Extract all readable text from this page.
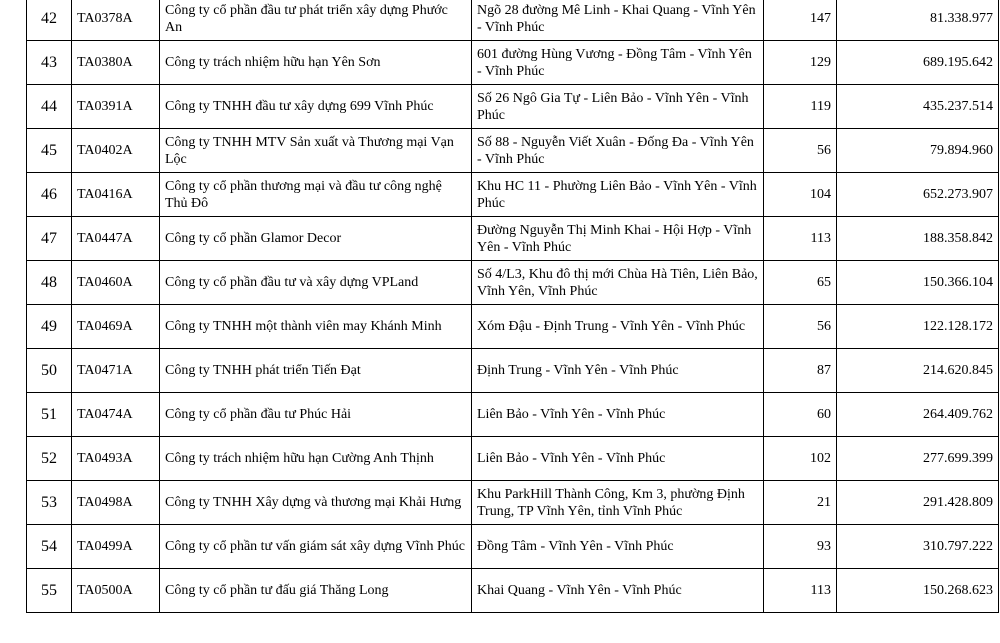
42	TA0378A	Công ty cổ phần đầu tư phát triển xây dựng Phước An	Ngõ 28 đường Mê Linh - Khai Quang - Vĩnh Yên - Vĩnh Phúc	147	81.338.977
43	TA0380A	Công ty trách nhiệm hữu hạn Yên Sơn	601 đường Hùng Vương - Đồng Tâm - Vĩnh Yên - Vĩnh Phúc	129	689.195.642
44	TA0391A	Công ty TNHH đầu tư xây dựng 699 Vĩnh Phúc	Số 26 Ngô Gia Tự - Liên Bảo - Vĩnh Yên - Vĩnh Phúc	119	435.237.514
45	TA0402A	Công ty TNHH MTV Sản xuất và Thương mại Vạn Lộc	Số 88 - Nguyễn Viết Xuân - Đống Đa - Vĩnh Yên - Vĩnh Phúc	56	79.894.960
46	TA0416A	Công ty cổ phần thương mại và đầu tư công nghệ Thủ Đô	Khu HC 11 - Phường Liên Bảo - Vĩnh Yên - Vĩnh Phúc	104	652.273.907
47	TA0447A	Công ty cổ phần Glamor Decor	Đường Nguyễn Thị Minh Khai - Hội Hợp - Vĩnh Yên - Vĩnh Phúc	113	188.358.842
48	TA0460A	Công ty cổ phần đầu tư và xây dựng VPLand	Số 4/L3, Khu đô thị mới Chùa Hà Tiên, Liên Bảo, Vĩnh Yên, Vĩnh Phúc	65	150.366.104
49	TA0469A	Công ty TNHH một thành viên may Khánh Minh	Xóm Đậu - Định Trung - Vĩnh Yên - Vĩnh Phúc	56	122.128.172
50	TA0471A	Công ty TNHH phát triển Tiến Đạt	Định Trung - Vĩnh Yên - Vĩnh Phúc	87	214.620.845
51	TA0474A	Công ty cổ phần đầu tư Phúc Hải	Liên Bảo - Vĩnh Yên - Vĩnh Phúc	60	264.409.762
52	TA0493A	Công ty trách nhiệm hữu hạn Cường Anh Thịnh	Liên Bảo - Vĩnh Yên - Vĩnh Phúc	102	277.699.399
53	TA0498A	Công ty TNHH Xây dựng và thương mại Khải Hưng	Khu ParkHill Thành Công, Km 3, phường Định Trung, TP Vĩnh Yên, tỉnh Vĩnh Phúc	21	291.428.809
54	TA0499A	Công ty cổ phần tư vấn giám sát xây dựng Vĩnh Phúc	Đồng Tâm - Vĩnh Yên - Vĩnh Phúc	93	310.797.222
55	TA0500A	Công ty cổ phần tư đấu giá Thăng Long	Khai Quang - Vĩnh Yên - Vĩnh Phúc	113	150.268.623
